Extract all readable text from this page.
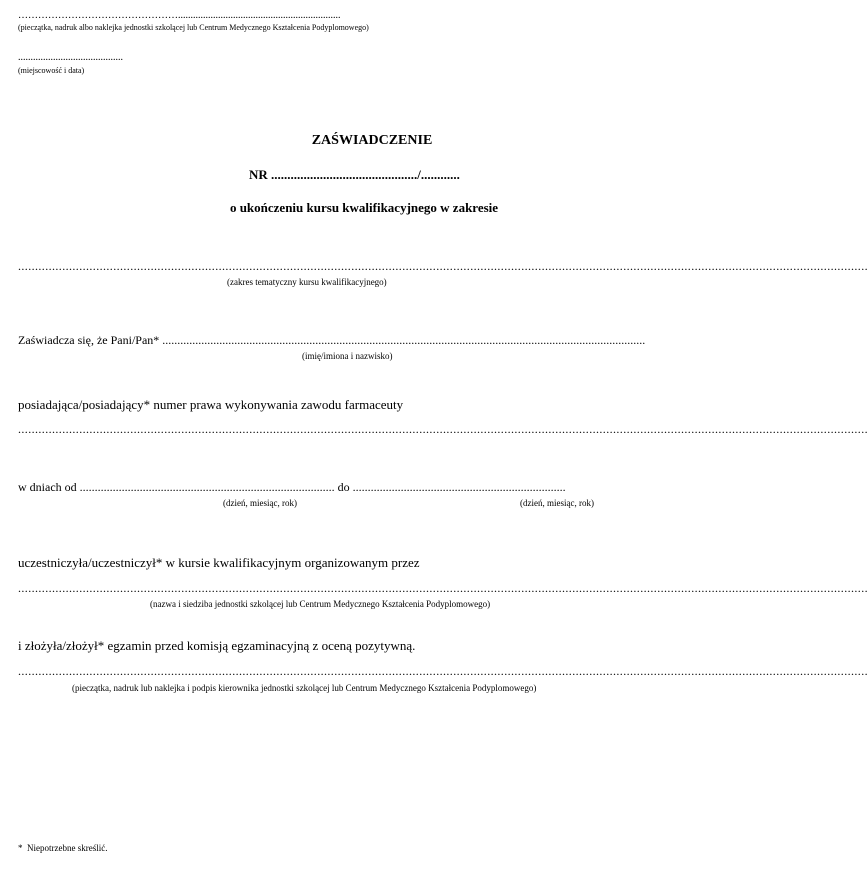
………………………………………….................................................................
(pieczątka, nadruk albo naklejka jednostki szkolącej lub Centrum Medycznego Kształcenia Podyplomowego)
..........................................
(miejscowość i data)
ZAŚWIADCZENIE
NR ............................................./............
o ukończeniu kursu kwalifikacyjnego w zakresie
..........................................................................................................................................................................................................................................................
(zakres tematyczny kursu kwalifikacyjnego)
Zaświadcza się, że Pani/Pan* .................................................................................................................................................................
(imię/imiona i nazwisko)
posiadająca/posiadający* numer prawa wykonywania zawodu farmaceuty
..........................................................................................................................................................................................................................................................
w dniach od ..................................................................................... do .......................................................................
(dzień, miesiąc, rok)	(dzień, miesiąc, rok)
uczestniczyła/uczestniczył* w kursie kwalifikacyjnym organizowanym przez
..........................................................................................................................................................................................................................................................
(nazwa i siedziba jednostki szkolącej lub Centrum Medycznego Kształcenia Podyplomowego)
i złożyła/złożył* egzamin przed komisją egzaminacyjną z oceną pozytywną.
..........................................................................................................................................................................................................................................................
(pieczątka, nadruk lub naklejka i podpis kierownika jednostki szkolącej lub Centrum Medycznego Kształcenia Podyplomowego)
*  Niepotrzebne skreślić.
